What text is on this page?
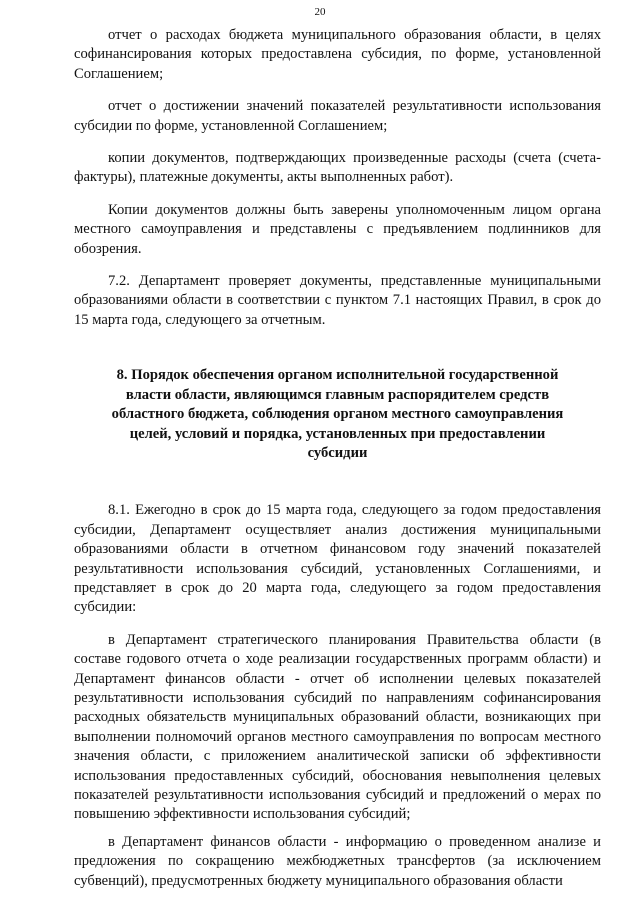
20

отчет о расходах бюджета муниципального образования области, в целях софинансирования которых предоставлена субсидия, по форме, установленной Соглашением;

отчет о достижении значений показателей результативности использования субсидии по форме, установленной Соглашением;

копии документов, подтверждающих произведенные расходы (счета (счета-фактуры), платежные документы, акты выполненных работ).

Копии документов должны быть заверены уполномоченным лицом органа местного самоуправления и представлены с предъявлением подлинников для обозрения.

7.2. Департамент проверяет документы, представленные муниципальными образованиями области в соответствии с пунктом 7.1 настоящих Правил, в срок до 15 марта года, следующего за отчетным.

8. Порядок обеспечения органом исполнительной государственной власти области, являющимся главным распорядителем средств областного бюджета, соблюдения органом местного самоуправления целей, условий и порядка, установленных при предоставлении субсидии

8.1. Ежегодно в срок до 15 марта года, следующего за годом предоставления субсидии, Департамент осуществляет анализ достижения муниципальными образованиями области в отчетном финансовом году значений показателей результативности использования субсидий, установленных Соглашениями, и представляет в срок до 20 марта года, следующего за годом предоставления субсидии:

в Департамент стратегического планирования Правительства области (в составе годового отчета о ходе реализации государственных программ области) и Департамент финансов области - отчет об исполнении целевых показателей результативности использования субсидий по направлениям софинансирования расходных обязательств муниципальных образований области, возникающих при выполнении полномочий органов местного самоуправления по вопросам местного значения области, с приложением аналитической записки об эффективности использования предоставленных субсидий, обоснования невыполнения целевых показателей результативности использования субсидий и предложений о мерах по повышению эффективности использования субсидий;

в Департамент финансов области - информацию о проведенном анализе и предложения по сокращению межбюджетных трансфертов (за исключением субвенций), предусмотренных бюджету муниципального образования области
